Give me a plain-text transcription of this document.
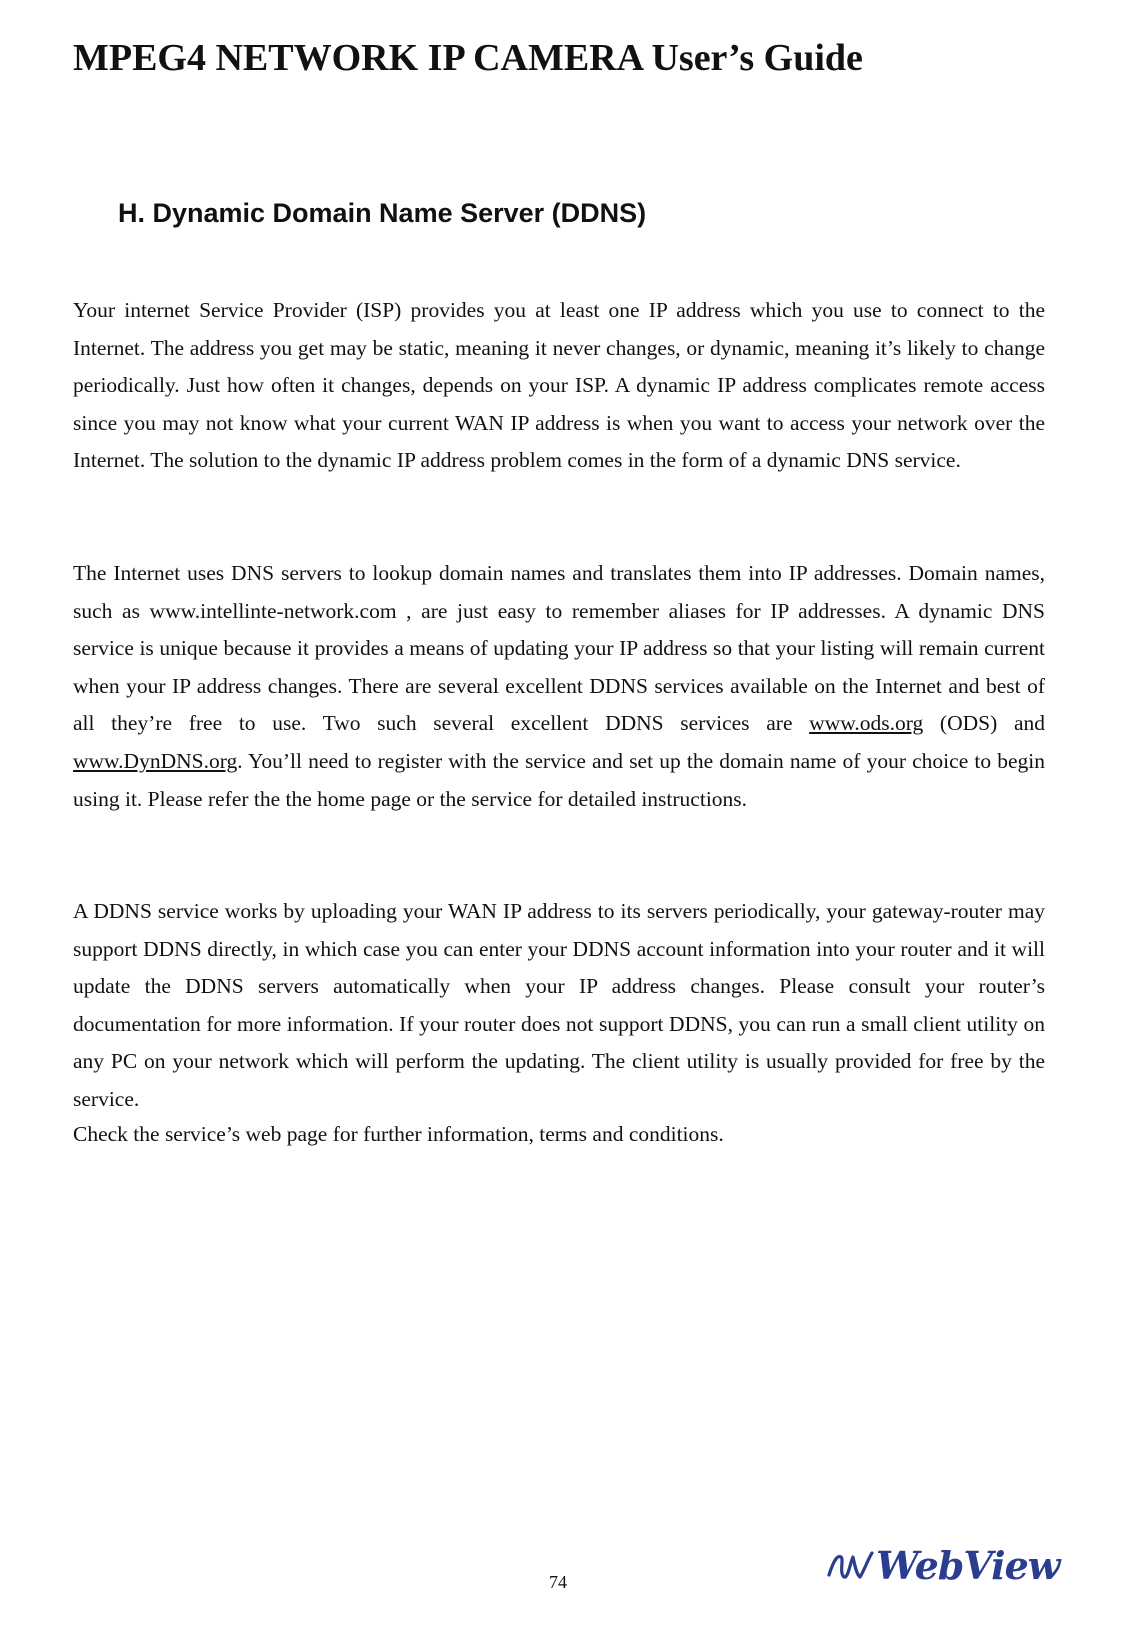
MPEG4 NETWORK IP CAMERA User’s Guide
H. Dynamic Domain Name Server (DDNS)

Your internet Service Provider (ISP) provides you at least one IP address which you use to connect to the Internet. The address you get may be static, meaning it never changes, or dynamic, meaning it’s likely to change periodically. Just how often it changes, depends on your ISP. A dynamic IP address complicates remote access since you may not know what your current WAN IP address is when you want to access your network over the Internet. The solution to the dynamic IP address problem comes in the form of a dynamic DNS service.

The Internet uses DNS servers to lookup domain names and translates them into IP addresses. Domain names, such as www.intellinte-network.com , are just easy to remember aliases for IP addresses. A dynamic DNS service is unique because it provides a means of updating your IP address so that your listing will remain current when your IP address changes. There are several excellent DDNS services available on the Internet and best of all they’re free to use. Two such several excellent DDNS services are www.ods.org (ODS) and www.DynDNS.org. You’ll need to register with the service and set up the domain name of your choice to begin using it. Please refer the the home page or the service for detailed instructions.

A DDNS service works by uploading your WAN IP address to its servers periodically, your gateway-router may support DDNS directly, in which case you can enter your DDNS account information into your router and it will update the DDNS servers automatically when your IP address changes. Please consult your router’s documentation for more information. If your router does not support DDNS, you can run a small client utility on any PC on your network which will perform the updating. The client utility is usually provided for free by the service.

Check the service’s web page for further information, terms and conditions.

74	WebView
